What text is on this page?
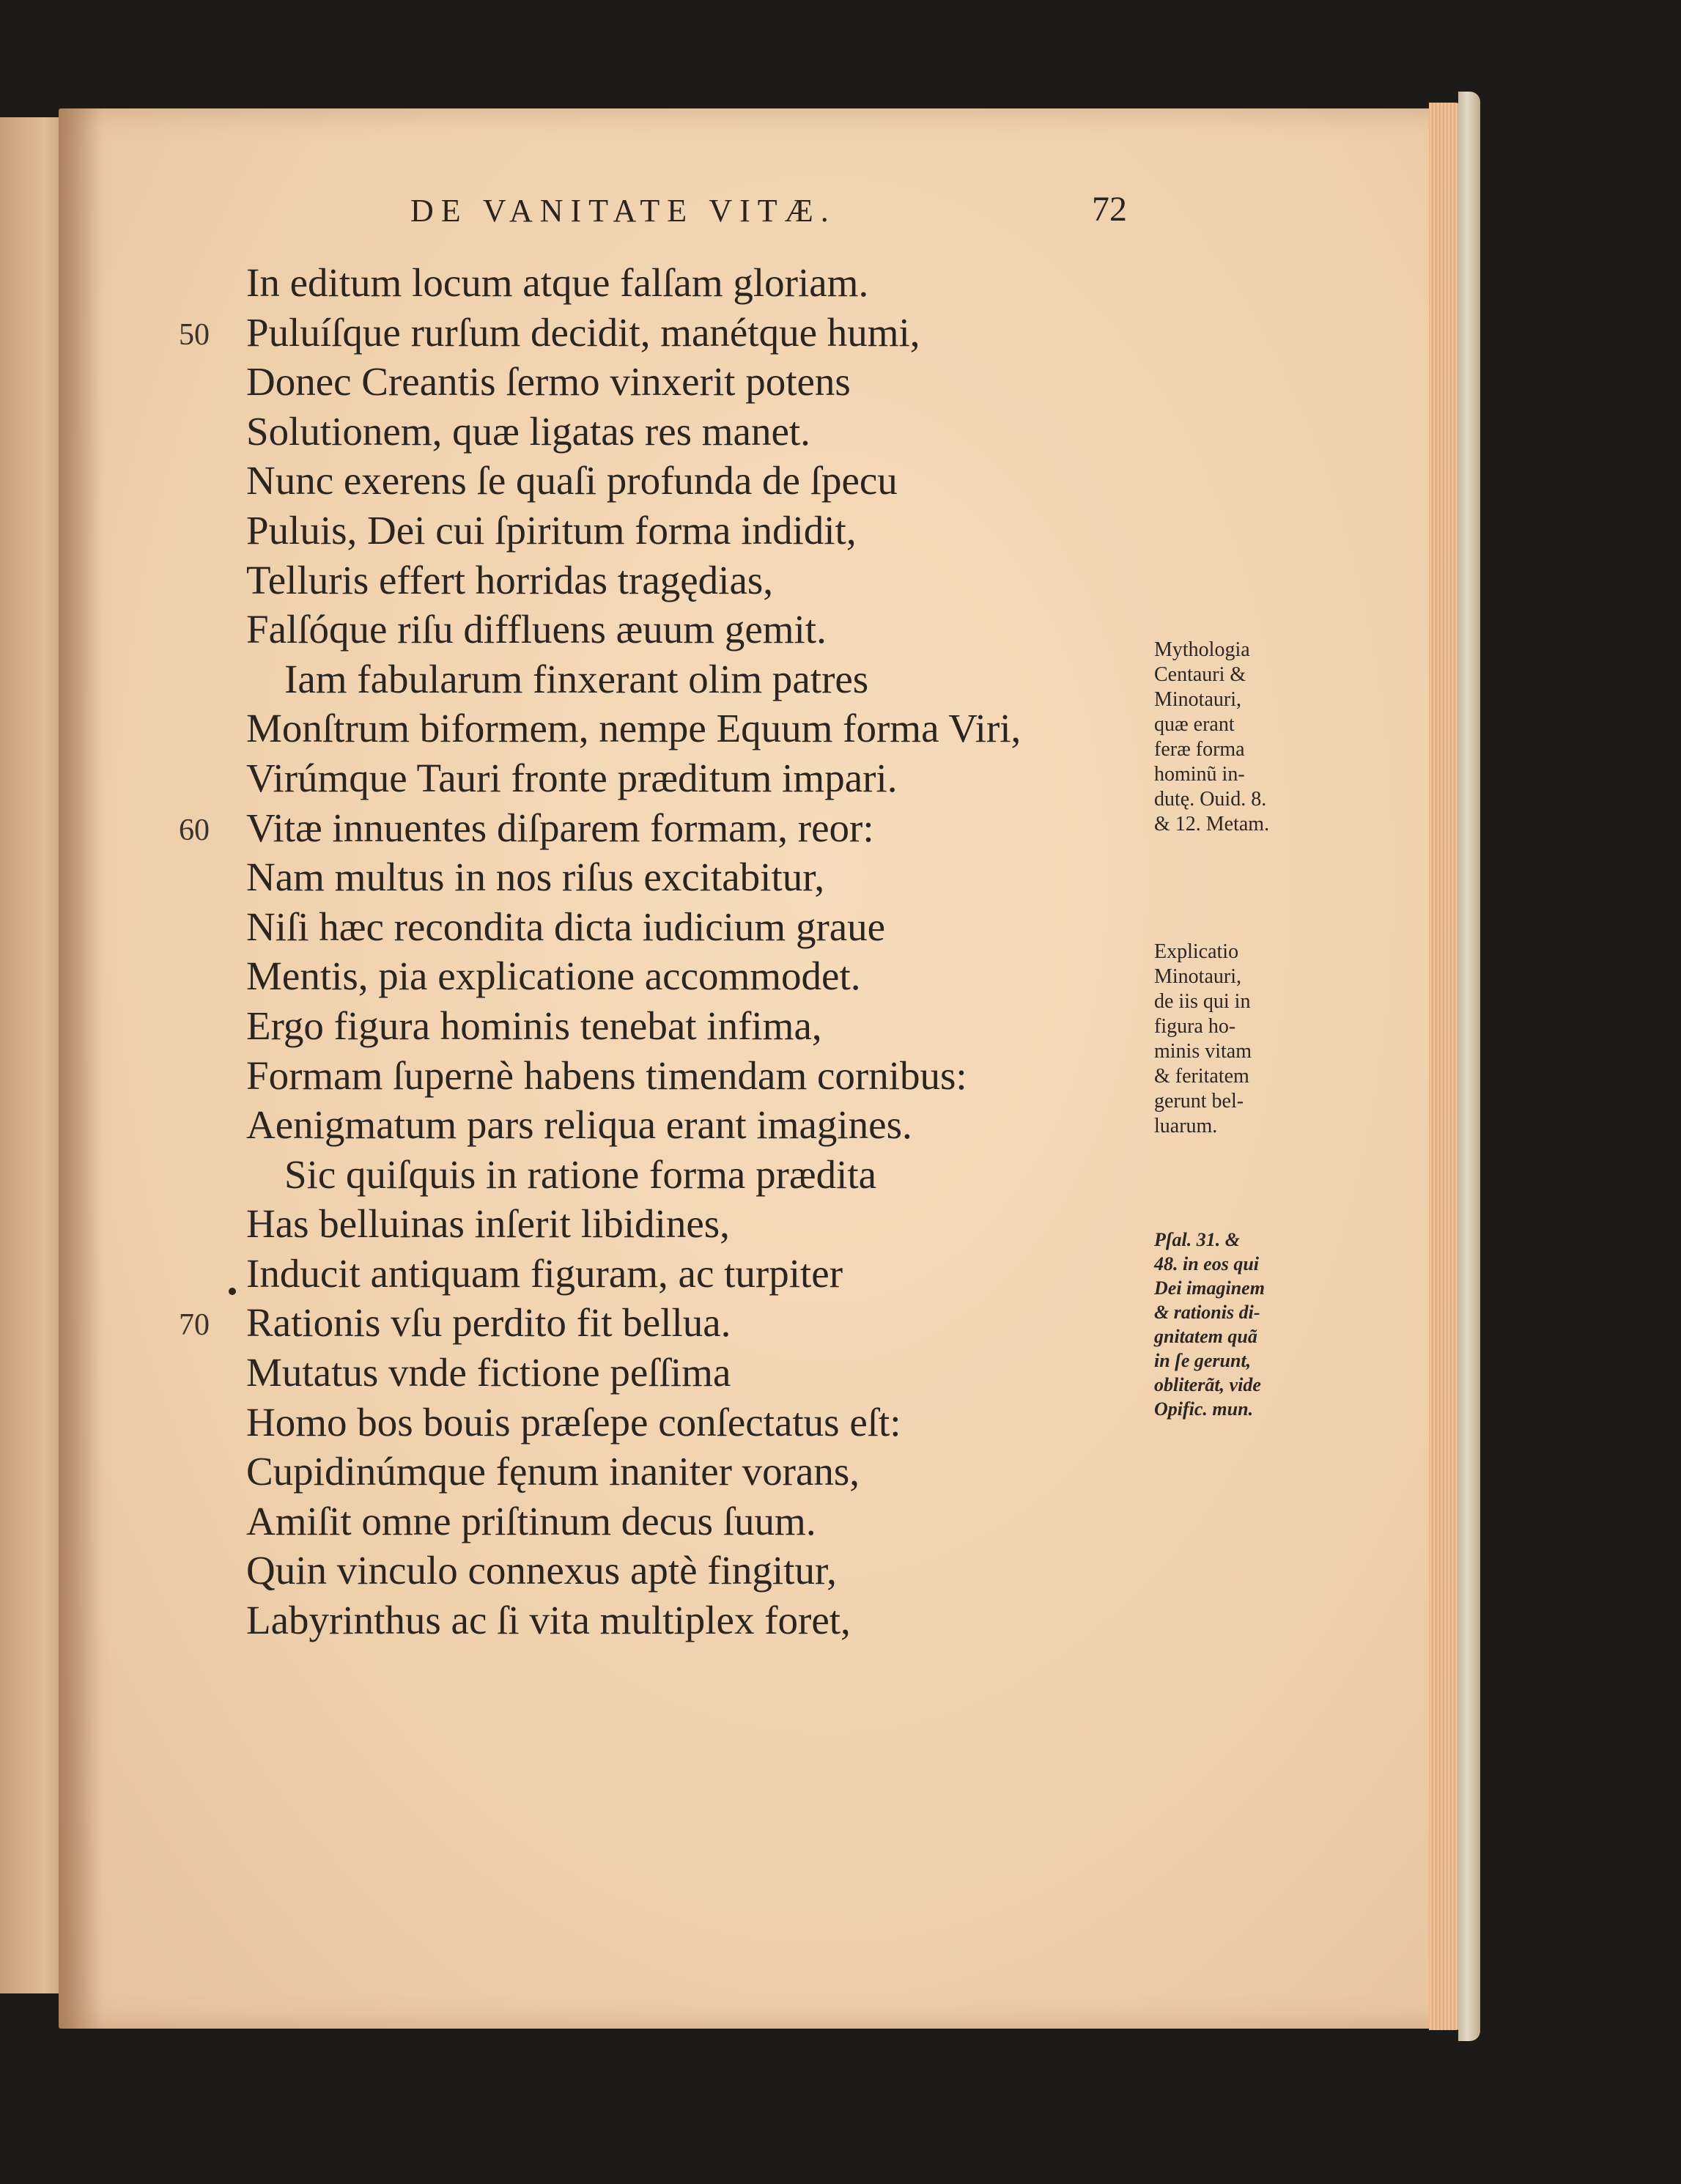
DE VANITATE VITÆ.	72
In editum locum atque falſam gloriam.
50 Puluíſque rurſum decidit, manétque humi,
Donec Creantis ſermo vinxerit potens
Solutionem, quæ ligatas res manet.
Nunc exerens ſe quaſi profunda de ſpecu
Puluis, Dei cui ſpiritum forma indidit,
Telluris effert horridas tragędias,
Falſóque riſu diffluens æuum gemit.
Iam fabularum finxerant olim patres
Monſtrum biformem, nempe Equum forma Viri,
Virúmque Tauri fronte præditum impari.
60 Vitæ innuentes diſparem formam, reor:
Nam multus in nos riſus excitabitur,
Niſi hæc recondita dicta iudicium graue
Mentis, pia explicatione accommodet.
Ergo figura hominis tenebat infima,
Formam ſupernè habens timendam cornibus:
Aenigmatum pars reliqua erant imagines.
Sic quiſquis in ratione forma prædita
Has belluinas inſerit libidines,
Inducit antiquam figuram, ac turpiter
70 Rationis vſu perdito fit bellua.
Mutatus vnde fictione peſſima
Homo bos bouis præſepe conſectatus eſt:
Cupidinúmque fęnum inaniter vorans,
Amiſit omne priſtinum decus ſuum.
Quin vinculo connexus aptè fingitur,
Labyrinthus ac ſi vita multiplex foret,
Mythologia
Centauri &
Minotauri,
quæ erant
feræ forma
hominũ in-
dutę. Ouid. 8.
& 12. Metam.
Explicatio
Minotauri,
de iis qui in
figura ho-
minis vitam
& feritatem
gerunt bel-
luarum.
Pſal. 31. &
48. in eos qui
Dei imaginem
& rationis di-
gnitatem quã
in ſe gerunt,
obliterãt, vide
Opific. mun.
